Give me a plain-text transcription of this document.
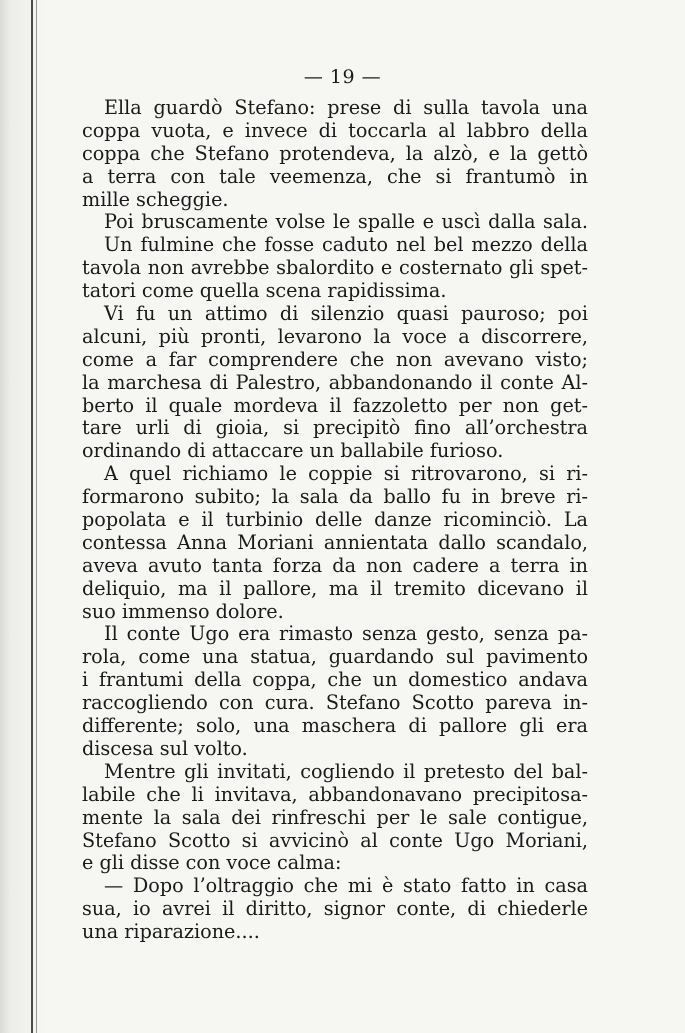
— 19 —
Ella guardò Stefano: prese di sulla tavola una
coppa vuota, e invece di toccarla al labbro della
coppa che Stefano protendeva, la alzò, e la gettò
a terra con tale veemenza, che si frantumò in
mille scheggie.
Poi bruscamente volse le spalle e uscì dalla sala.
Un fulmine che fosse caduto nel bel mezzo della
tavola non avrebbe sbalordito e costernato gli spet-
tatori come quella scena rapidissima.
Vi fu un attimo di silenzio quasi pauroso; poi
alcuni, più pronti, levarono la voce a discorrere,
come a far comprendere che non avevano visto;
la marchesa di Palestro, abbandonando il conte Al-
berto il quale mordeva il fazzoletto per non get-
tare urli di gioia, si precipitò fino all’orchestra
ordinando di attaccare un ballabile furioso.
A quel richiamo le coppie si ritrovarono, si ri-
formarono subito; la sala da ballo fu in breve ri-
popolata e il turbinio delle danze ricominciò. La
contessa Anna Moriani annientata dallo scandalo,
aveva avuto tanta forza da non cadere a terra in
deliquio, ma il pallore, ma il tremito dicevano il
suo immenso dolore.
Il conte Ugo era rimasto senza gesto, senza pa-
rola, come una statua, guardando sul pavimento
i frantumi della coppa, che un domestico andava
raccogliendo con cura. Stefano Scotto pareva in-
differente; solo, una maschera di pallore gli era
discesa sul volto.
Mentre gli invitati, cogliendo il pretesto del bal-
labile che li invitava, abbandonavano precipitosa-
mente la sala dei rinfreschi per le sale contigue,
Stefano Scotto si avvicinò al conte Ugo Moriani,
e gli disse con voce calma:
— Dopo l’oltraggio che mi è stato fatto in casa
sua, io avrei il diritto, signor conte, di chiederle
una riparazione....
